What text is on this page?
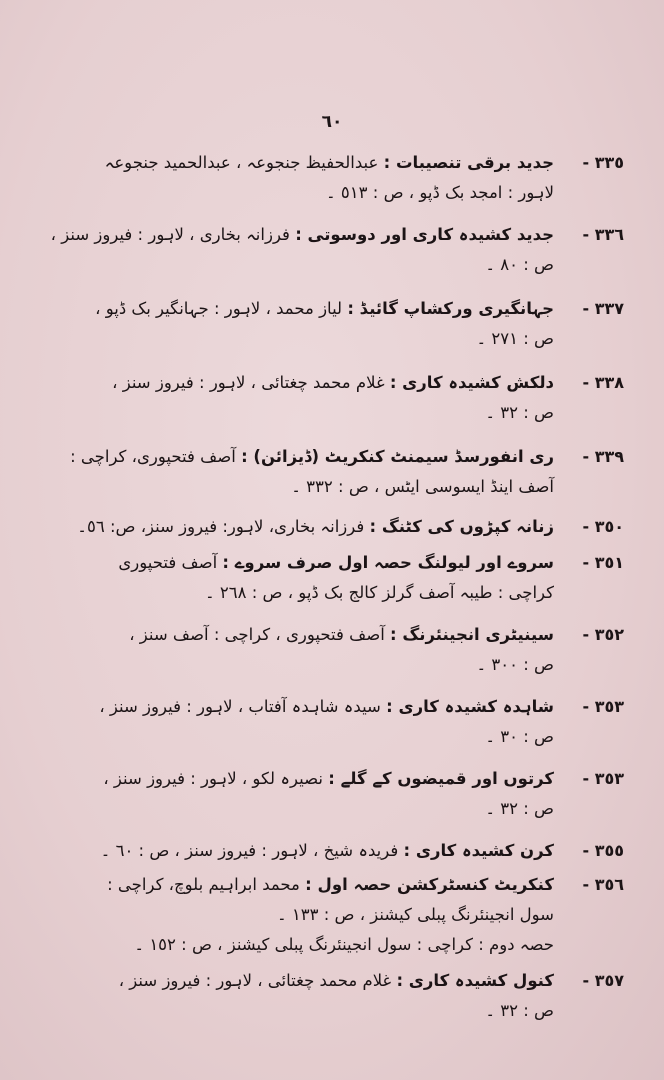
٦٠
٣٣٥ -
جدید برقی تنصیبات : عبدالحفیظ جنجوعہ ، عبدالحمید جنجوعہ
لاہور : امجد بک ڈپو ، ص : ٥١٣ ۔
٣٣٦ -
جدید کشیدہ کاری اور دوسوتی : فرزانہ بخاری ، لاہور : فیروز سنز ،
ص : ٨٠ ۔
٣٣٧ -
جہانگیری ورکشاپ گائیڈ : لیاز محمد ، لاہور : جہانگیر بک ڈپو ،
ص : ٢٧١ ۔
٣٣٨ -
دلکش کشیدہ کاری : غلام محمد چغتائی ، لاہور : فیروز سنز ،
ص : ٣٢ ۔
٣٣٩ -
ری انفورسڈ سیمنٹ کنکریٹ (ڈیزائن) : آصف فتحپوری، کراچی :
آصف اینڈ ایسوسی ایٹس ، ص : ٣٣٢ ۔
٣٥٠ -
زنانہ کپڑوں کی کٹنگ : فرزانہ بخاری، لاہور: فیروز سنز، ص: ٥٦۔
٣٥١ -
سروے اور لیولنگ حصہ اول صرف سروے : آصف فتحپوری
کراچی : طیبہ آصف گرلز کالج بک ڈپو ، ص : ٢٦٨ ۔
٣٥٢ -
سینیٹری انجینئرنگ : آصف فتحپوری ، کراچی : آصف سنز ،
ص : ٣٠٠ ۔
٣٥٣ -
شاہدہ کشیدہ کاری : سیدہ شاہدہ آفتاب ، لاہور : فیروز سنز ،
ص : ٣٠ ۔
٣٥٣ -
کرتوں اور قمیضوں کے گلے : نصیرہ لکو ، لاہور : فیروز سنز ،
ص : ٣٢ ۔
٣٥٥ -
کرن کشیدہ کاری : فریدہ شیخ ، لاہور : فیروز سنز ، ص : ٦٠ ۔
٣٥٦ -
کنکریٹ کنسٹرکشن حصہ اول : محمد ابراہیم بلوچ، کراچی :
سول انجینئرنگ پبلی کیشنز ، ص : ١٣٣ ۔
حصہ دوم : کراچی : سول انجینئرنگ پبلی کیشنز ، ص : ١٥٢ ۔
٣٥٧ -
کنول کشیدہ کاری : غلام محمد چغتائی ، لاہور : فیروز سنز ،
ص : ٣٢ ۔
